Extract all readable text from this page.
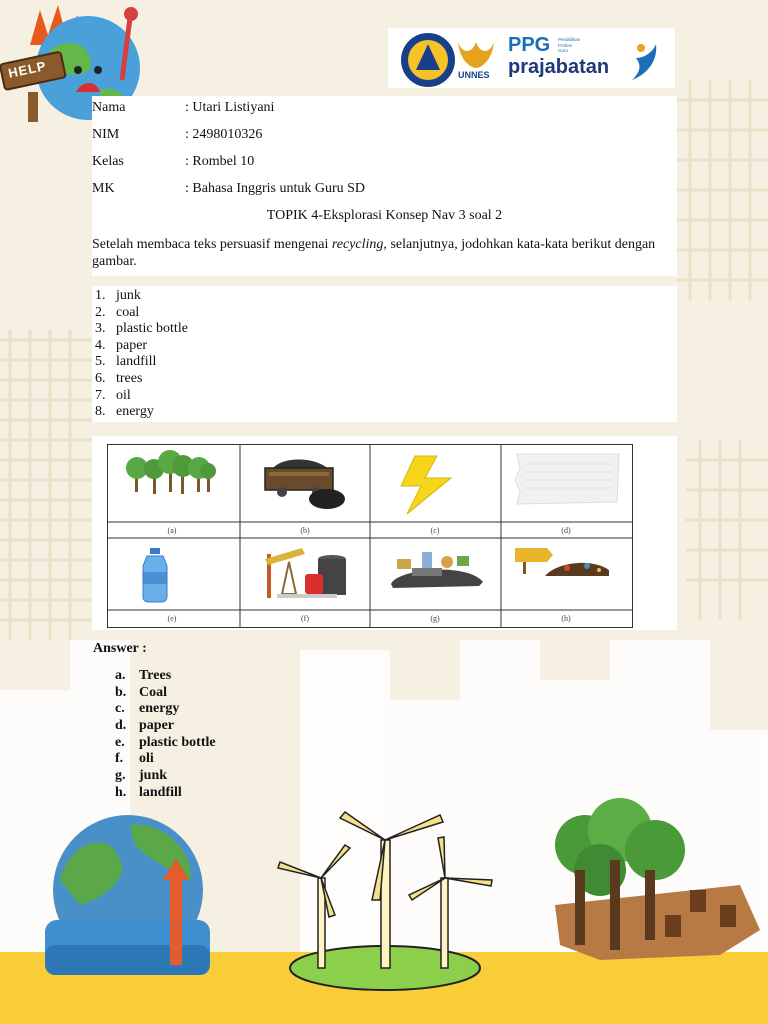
HELP	UNNES
PPG Pendidikan
Profesi
Guru
prajabatan
Nama	: Utari Listiyani
NIM	: 2498010326
Kelas	: Rombel 10
MK	: Bahasa Inggris untuk Guru SD
TOPIK 4-Eksplorasi Konsep Nav 3 soal 2
Setelah membaca teks persuasif mengenai recycling, selanjutnya, jodohkan kata-kata berikut dengan gambar.
1. junk
2. coal
3. plastic bottle
4. paper
5. landfill
6. trees
7. oil
8. energy
(a)	(b)	(c)	(d)
(e)	(f)	(g)	(h)
Answer :
a. Trees
b. Coal
c.	energy
d. paper
e.	plastic bottle
f.	oli
g. junk
h. landfill
